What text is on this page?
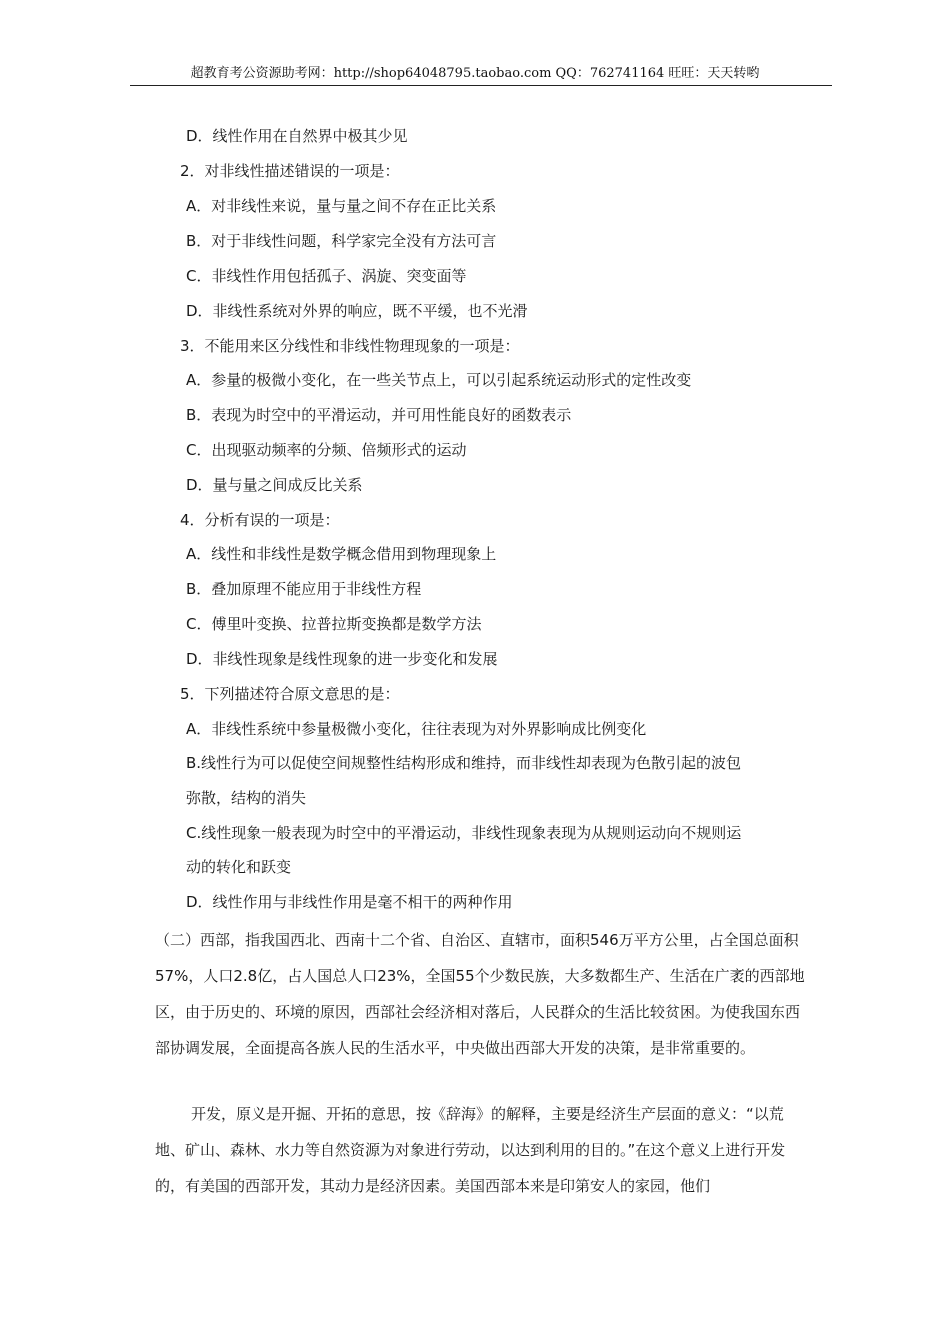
超教育考公资源助考网：http://shop64048795.taobao.com QQ：762741164 旺旺：天天转哟
D．线性作用在自然界中极其少见
2．对非线性描述错误的一项是：
A．对非线性来说，量与量之间不存在正比关系
B．对于非线性问题，科学家完全没有方法可言
C．非线性作用包括孤子、涡旋、突变面等
D．非线性系统对外界的响应，既不平缓，也不光滑
3．不能用来区分线性和非线性物理现象的一项是：
A．参量的极微小变化，在一些关节点上，可以引起系统运动形式的定性改变
B．表现为时空中的平滑运动，并可用性能良好的函数表示
C．出现驱动频率的分频、倍频形式的运动
D．量与量之间成反比关系
4．分析有误的一项是：
A．线性和非线性是数学概念借用到物理现象上
B．叠加原理不能应用于非线性方程
C．傅里叶变换、拉普拉斯变换都是数学方法
D．非线性现象是线性现象的进一步变化和发展
5．下列描述符合原文意思的是：
A．非线性系统中参量极微小变化，往往表现为对外界影响成比例变化
B.线性行为可以促使空间规整性结构形成和维持，而非线性却表现为色散引起的波包
弥散，结构的消失
C.线性现象一般表现为时空中的平滑运动，非线性现象表现为从规则运动向不规则运
动的转化和跃变
D．线性作用与非线性作用是毫不相干的两种作用
（二）西部，指我国西北、西南十二个省、自治区、直辖市，面积546万平方公里，占全国总面积57%，人口2.8亿，占人国总人口23%，全国55个少数民族，大多数都生产、生活在广袤的西部地区，由于历史的、环境的原因，西部社会经济相对落后，人民群众的生活比较贫困。为使我国东西部协调发展，全面提高各族人民的生活水平，中央做出西部大开发的决策，是非常重要的。
开发，原义是开掘、开拓的意思，按《辞海》的解释，主要是经济生产层面的意义：“以荒地、矿山、森林、水力等自然资源为对象进行劳动，以达到利用的目的。”在这个意义上进行开发的，有美国的西部开发，其动力是经济因素。美国西部本来是印第安人的家园，他们
